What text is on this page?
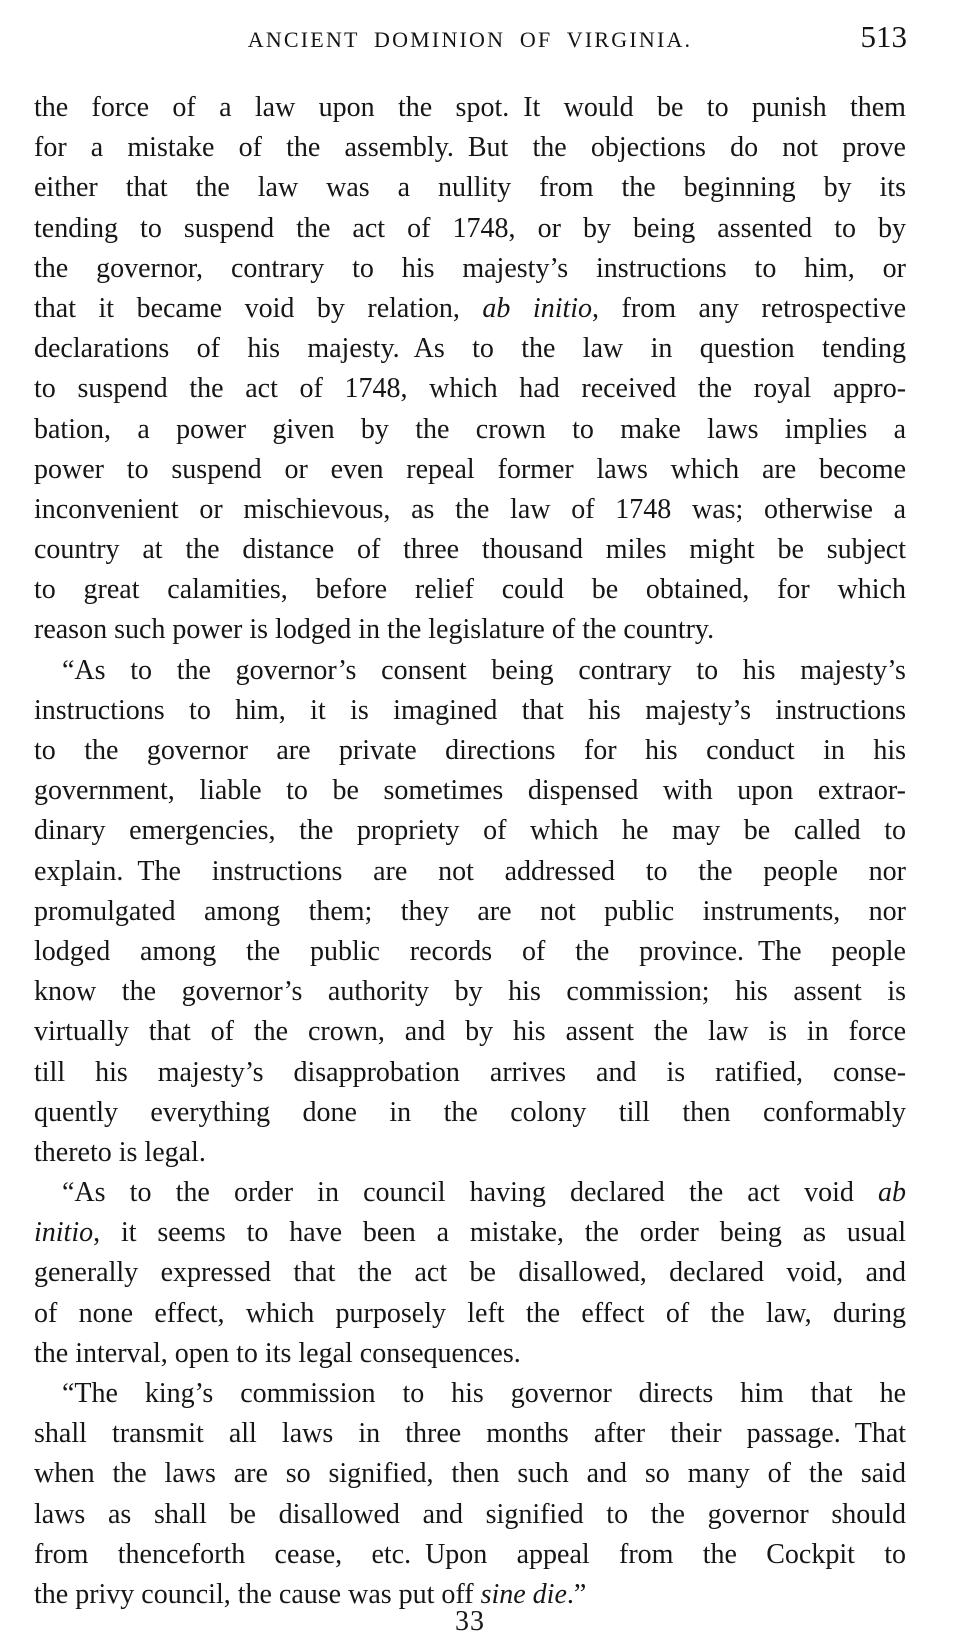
ANCIENT DOMINION OF VIRGINIA.	513
the force of a law upon the spot. It would be to punish them
for a mistake of the assembly. But the objections do not prove
either that the law was a nullity from the beginning by its
tending to suspend the act of 1748, or by being assented to by
the governor, contrary to his majesty’s instructions to him, or
that it became void by relation, ab initio, from any retrospective
declarations of his majesty. As to the law in question tending
to suspend the act of 1748, which had received the royal appro-
bation, a power given by the crown to make laws implies a
power to suspend or even repeal former laws which are become
inconvenient or mischievous, as the law of 1748 was; otherwise a
country at the distance of three thousand miles might be subject
to great calamities, before relief could be obtained, for which
reason such power is lodged in the legislature of the country.
“As to the governor’s consent being contrary to his majesty’s
instructions to him, it is imagined that his majesty’s instructions
to the governor are private directions for his conduct in his
government, liable to be sometimes dispensed with upon extraor-
dinary emergencies, the propriety of which he may be called to
explain. The instructions are not addressed to the people nor
promulgated among them; they are not public instruments, nor
lodged among the public records of the province. The people
know the governor’s authority by his commission; his assent is
virtually that of the crown, and by his assent the law is in force
till his majesty’s disapprobation arrives and is ratified, conse-
quently everything done in the colony till then conformably
thereto is legal.
“As to the order in council having declared the act void ab
initio, it seems to have been a mistake, the order being as usual
generally expressed that the act be disallowed, declared void, and
of none effect, which purposely left the effect of the law, during
the interval, open to its legal consequences.
“The king’s commission to his governor directs him that he
shall transmit all laws in three months after their passage. That
when the laws are so signified, then such and so many of the said
laws as shall be disallowed and signified to the governor should
from thenceforth cease, etc. Upon appeal from the Cockpit to
the privy council, the cause was put off sine die.”
33
